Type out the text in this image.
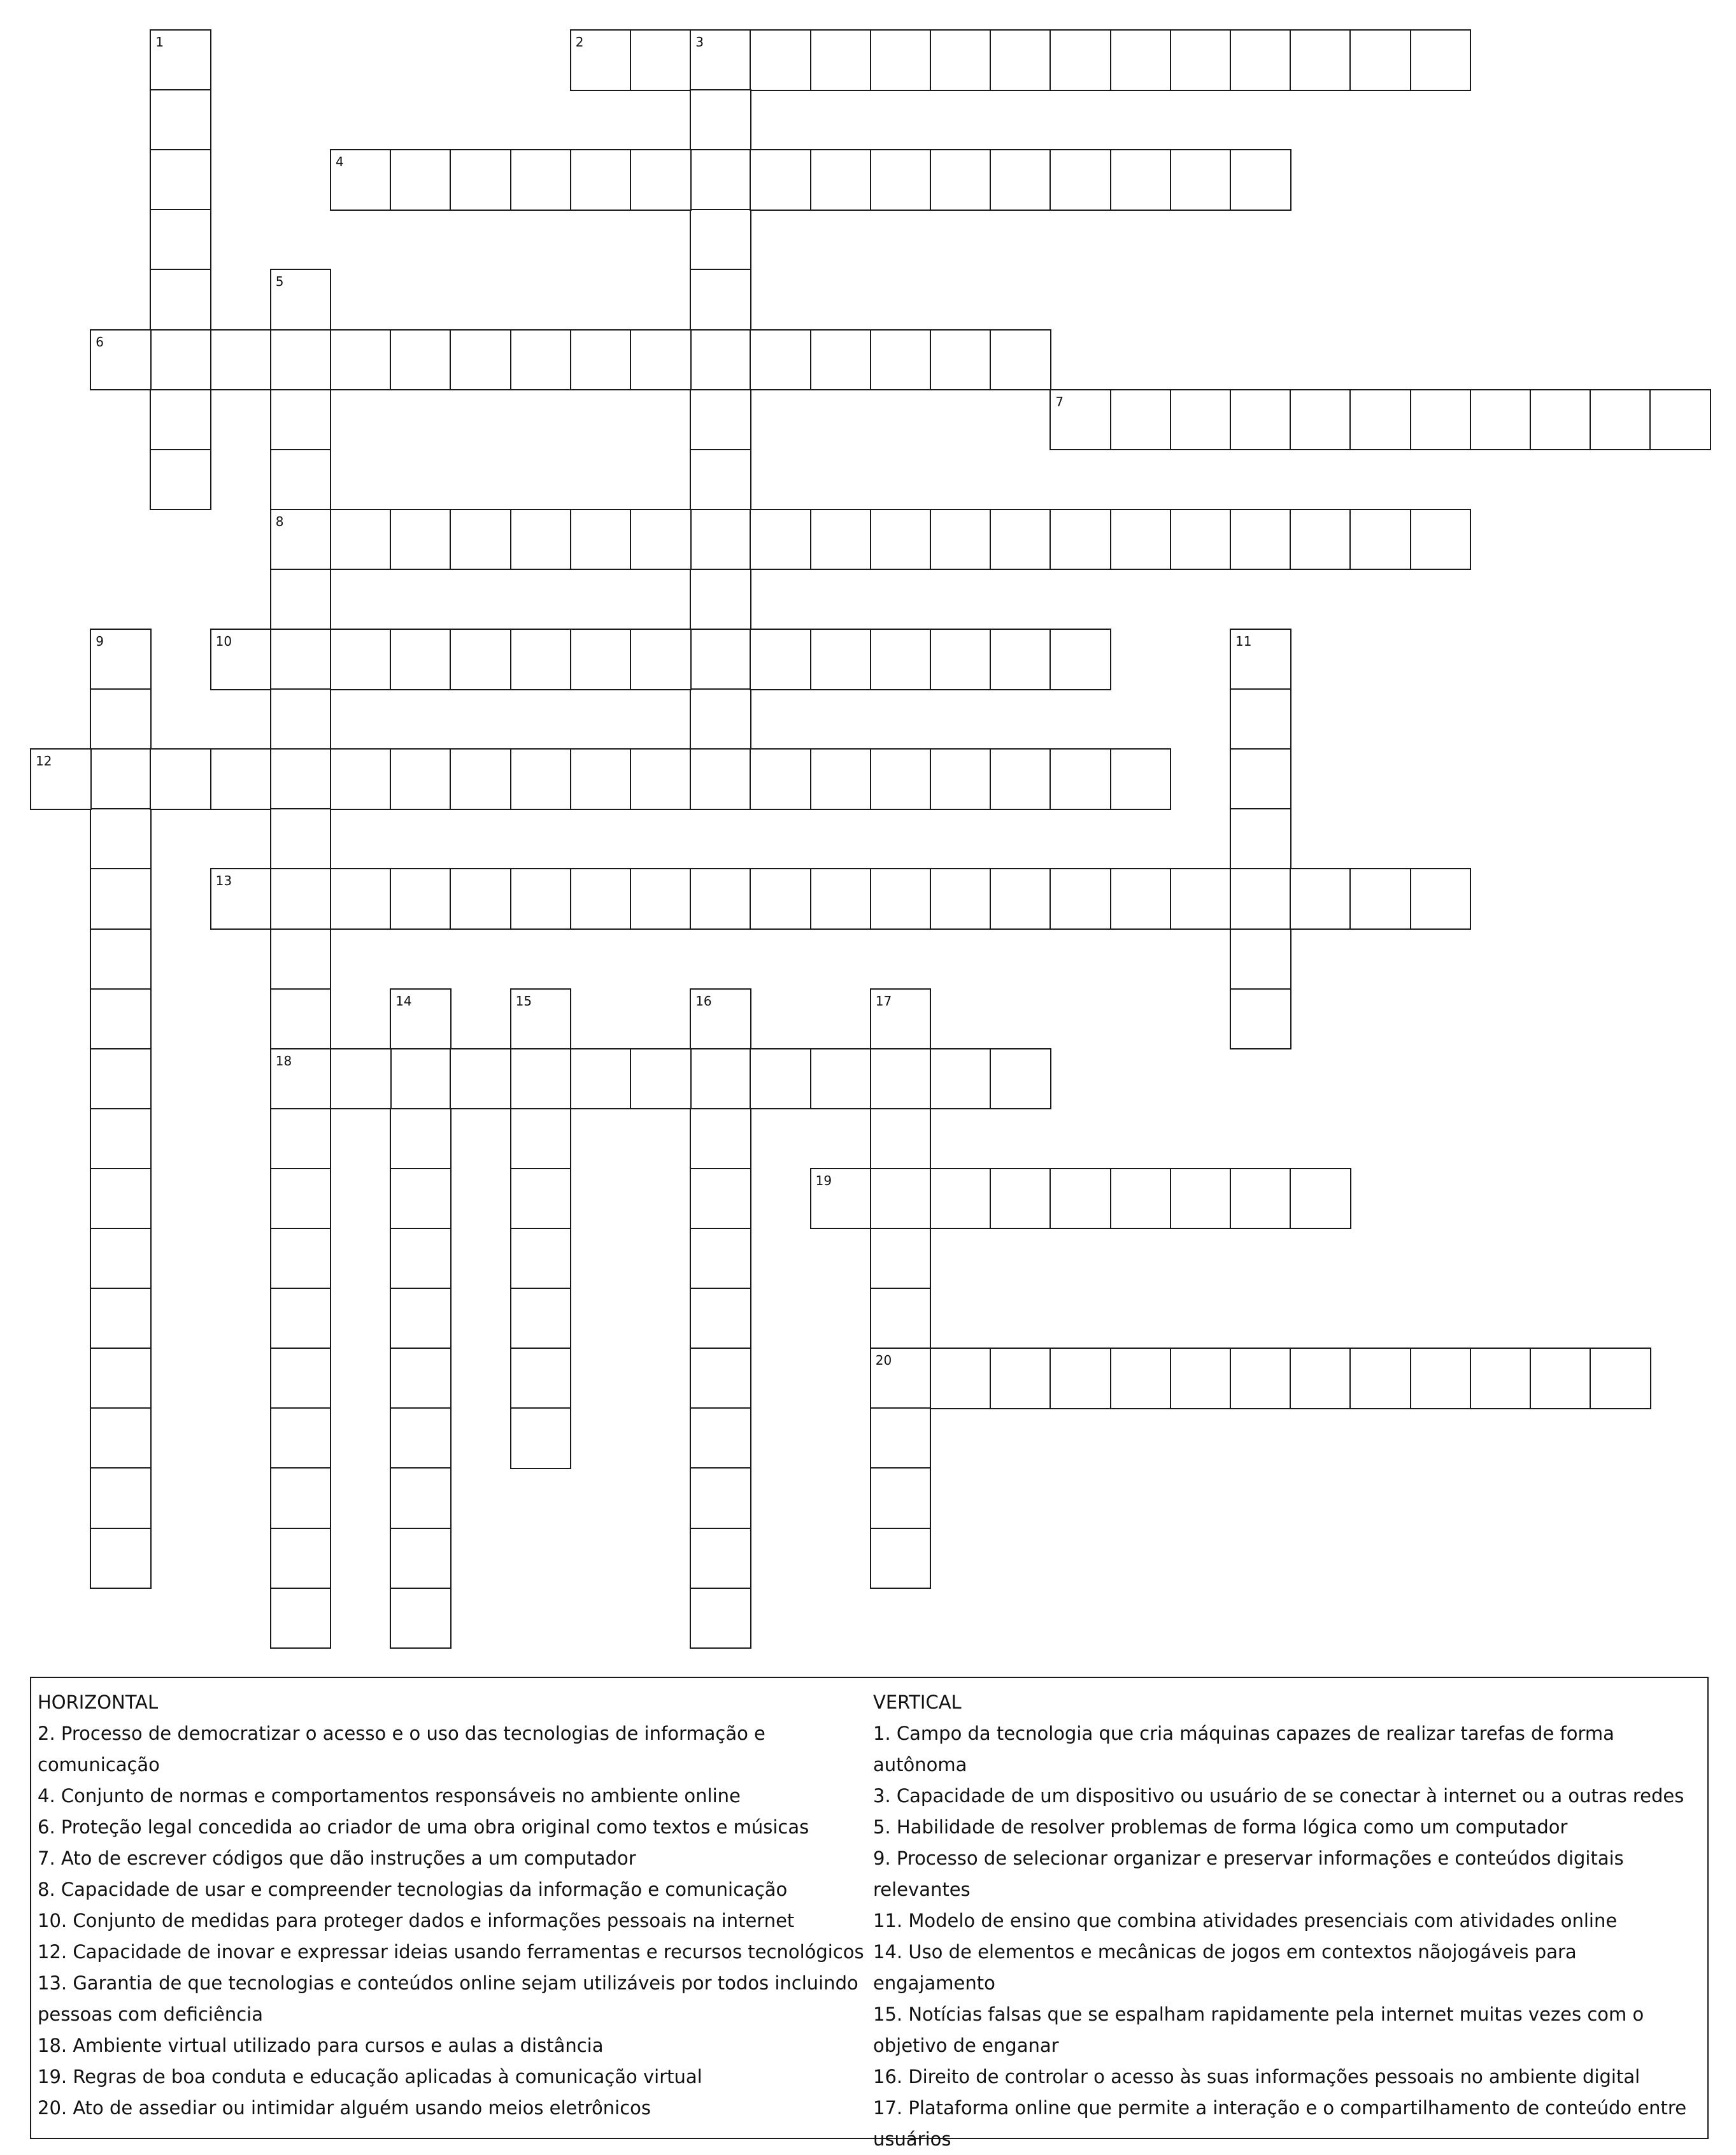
1	2	3
4
5
6
7
8
9	10	11
12
13
14	15	16	17
18
19
20

HORIZONTAL

2. Processo de democratizar o acesso e o uso das tecnologias de informação e comunicação

4. Conjunto de normas e comportamentos responsáveis no ambiente online

6. Proteção legal concedida ao criador de uma obra original como textos e músicas

7. Ato de escrever códigos que dão instruções a um computador

8. Capacidade de usar e compreender tecnologias da informação e comunicação

10. Conjunto de medidas para proteger dados e informações pessoais na internet

12. Capacidade de inovar e expressar ideias usando ferramentas e recursos tecnológicos

13. Garantia de que tecnologias e conteúdos online sejam utilizáveis por todos incluindo pessoas com deficiência

18. Ambiente virtual utilizado para cursos e aulas a distância

19. Regras de boa conduta e educação aplicadas à comunicação virtual

20. Ato de assediar ou intimidar alguém usando meios eletrônicos

VERTICAL

1. Campo da tecnologia que cria máquinas capazes de realizar tarefas de forma autônoma

3. Capacidade de um dispositivo ou usuário de se conectar à internet ou a outras redes

5. Habilidade de resolver problemas de forma lógica como um computador

9. Processo de selecionar organizar e preservar informações e conteúdos digitais relevantes

11. Modelo de ensino que combina atividades presenciais com atividades online

14. Uso de elementos e mecânicas de jogos em contextos nãojogáveis para engajamento

15. Notícias falsas que se espalham rapidamente pela internet muitas vezes com o objetivo de enganar

16. Direito de controlar o acesso às suas informações pessoais no ambiente digital

17. Plataforma online que permite a interação e o compartilhamento de conteúdo entre usuários
